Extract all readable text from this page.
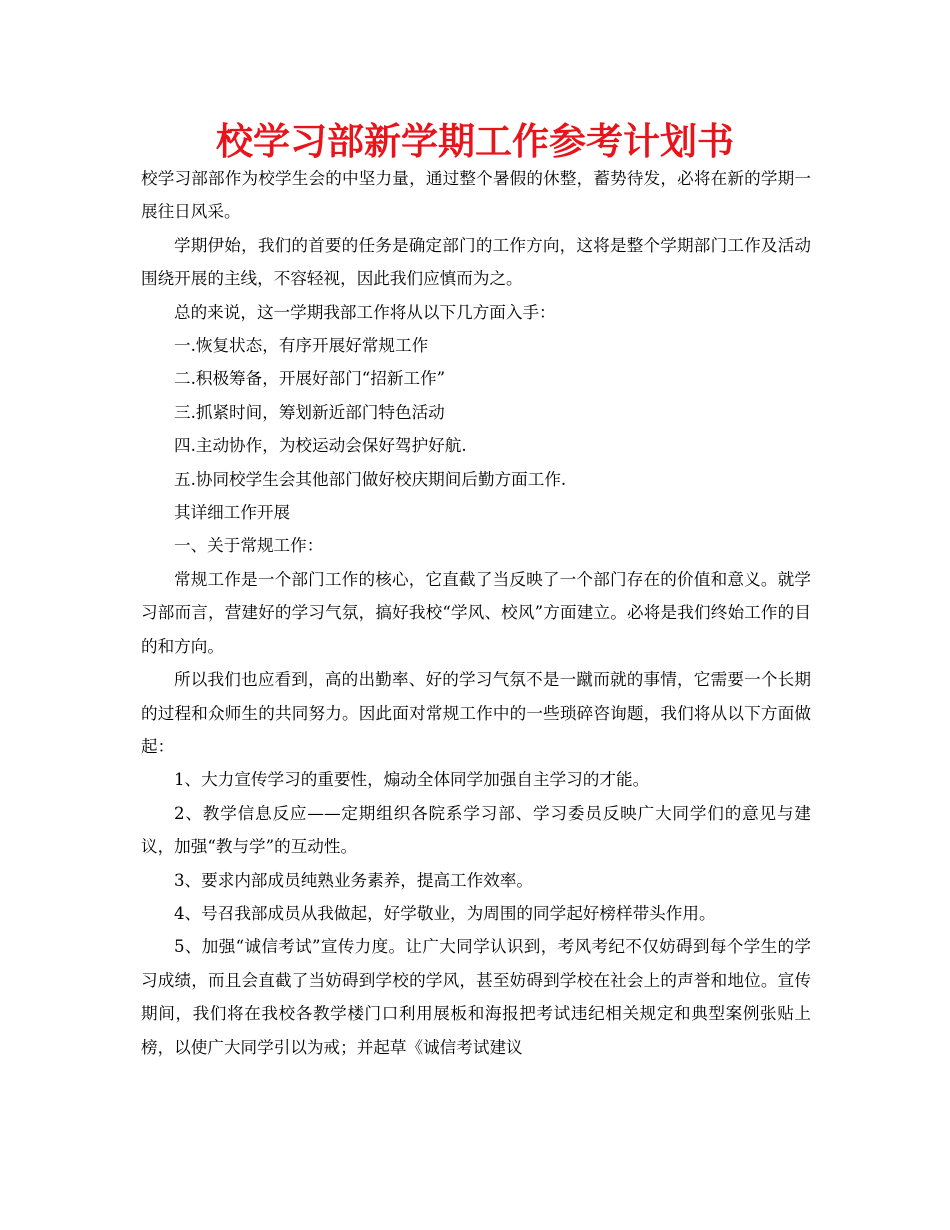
校学习部新学期工作参考计划书

校学习部部作为校学生会的中坚力量，通过整个暑假的休整，蓄势待发，必将在新的学期一展往日风采。

学期伊始，我们的首要的任务是确定部门的工作方向，这将是整个学期部门工作及活动围绕开展的主线，不容轻视，因此我们应慎而为之。

总的来说，这一学期我部工作将从以下几方面入手：

一.恢复状态，有序开展好常规工作

二.积极筹备，开展好部门“招新工作”

三.抓紧时间，筹划新近部门特色活动

四.主动协作，为校运动会保好驾护好航.

五.协同校学生会其他部门做好校庆期间后勤方面工作.

其详细工作开展

一、关于常规工作：

常规工作是一个部门工作的核心，它直截了当反映了一个部门存在的价值和意义。就学习部而言，营建好的学习气氛，搞好我校“学风、校风”方面建立。必将是我们终始工作的目的和方向。

所以我们也应看到，高的出勤率、好的学习气氛不是一蹴而就的事情，它需要一个长期的过程和众师生的共同努力。因此面对常规工作中的一些琐碎咨询题，我们将从以下方面做起：

1、大力宣传学习的重要性，煽动全体同学加强自主学习的才能。

2、教学信息反应——定期组织各院系学习部、学习委员反映广大同学们的意见与建议，加强“教与学”的互动性。

3、要求内部成员纯熟业务素养，提高工作效率。

4、号召我部成员从我做起，好学敬业，为周围的同学起好榜样带头作用。

5、加强“诚信考试”宣传力度。让广大同学认识到，考风考纪不仅妨碍到每个学生的学习成绩，而且会直截了当妨碍到学校的学风，甚至妨碍到学校在社会上的声誉和地位。宣传期间，我们将在我校各教学楼门口利用展板和海报把考试违纪相关规定和典型案例张贴上榜，以使广大同学引以为戒；并起草《诚信考试建议
